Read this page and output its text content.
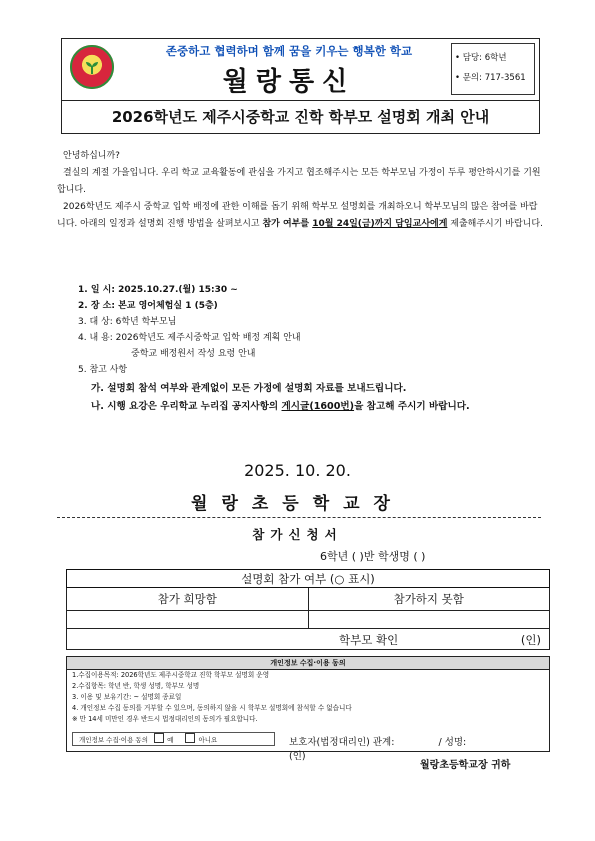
존중하고 협력하며 함께 꿈을 키우는 행복한 학교
월랑통신
• 담당: 6학년
• 문의: 717-3561
2026학년도 제주시중학교 진학 학부모 설명회 개최 안내
안녕하십니까?
결실의 계절 가을입니다. 우리 학교 교육활동에 관심을 가지고 협조해주시는 모든 학부모님 가정이 두루 평안하시기를 기원합니다.
2026학년도 제주시 중학교 입학 배정에 관한 이해를 돕기 위해 학부모 설명회를 개최하오니 학부모님의 많은 참여를 바랍니다. 아래의 일정과 설명회 진행 방법을 살펴보시고 참가 여부를 10월 24일(금)까지 담임교사에게 제출해주시기 바랍니다.
1. 일 시: 2025.10.27.(월) 15:30 ~
2. 장 소: 본교 영어체험실 1 (5층)
3. 대 상: 6학년 학부모님
4. 내 용: 2026학년도 제주시중학교 입학 배정 계획 안내
중학교 배정원서 작성 요령 안내
5. 참고 사항
가. 설명회 참석 여부와 관계없이 모든 가정에 설명회 자료를 보내드립니다.
나. 시행 요강은 우리학교 누리집 공지사항의 게시글(1600번)을 참고해 주시기 바랍니다.
2025. 10. 20.
월랑초등학교장
참가신청서
6학년 ( )반 학생명 ( )
설명회 참가 여부 (○ 표시)	
참가 희망함	참가하지 못함

학부모 확인 (인)	
개인정보 수집·이용 동의
1.수집이용목적: 2026학년도 제주시중학교 진학 학부모 설명회 운영
2.수집항목: 학년 반, 학생 성명, 학부모 성명
3. 이용 및 보유기간: ~ 설명회 종료일
4. 개인정보 수집 동의를 거부할 수 있으며, 동의하지 않을 시 학부모 설명회에 참석할 수 없습니다
※ 만 14세 미만인 경우 반드시 법정대리인의 동의가 필요합니다.
개인정보 수집·이용 동의	예	아니요	보호자(법정대리인) 관계:	/ 성명:  (인)
월랑초등학교장 귀하
